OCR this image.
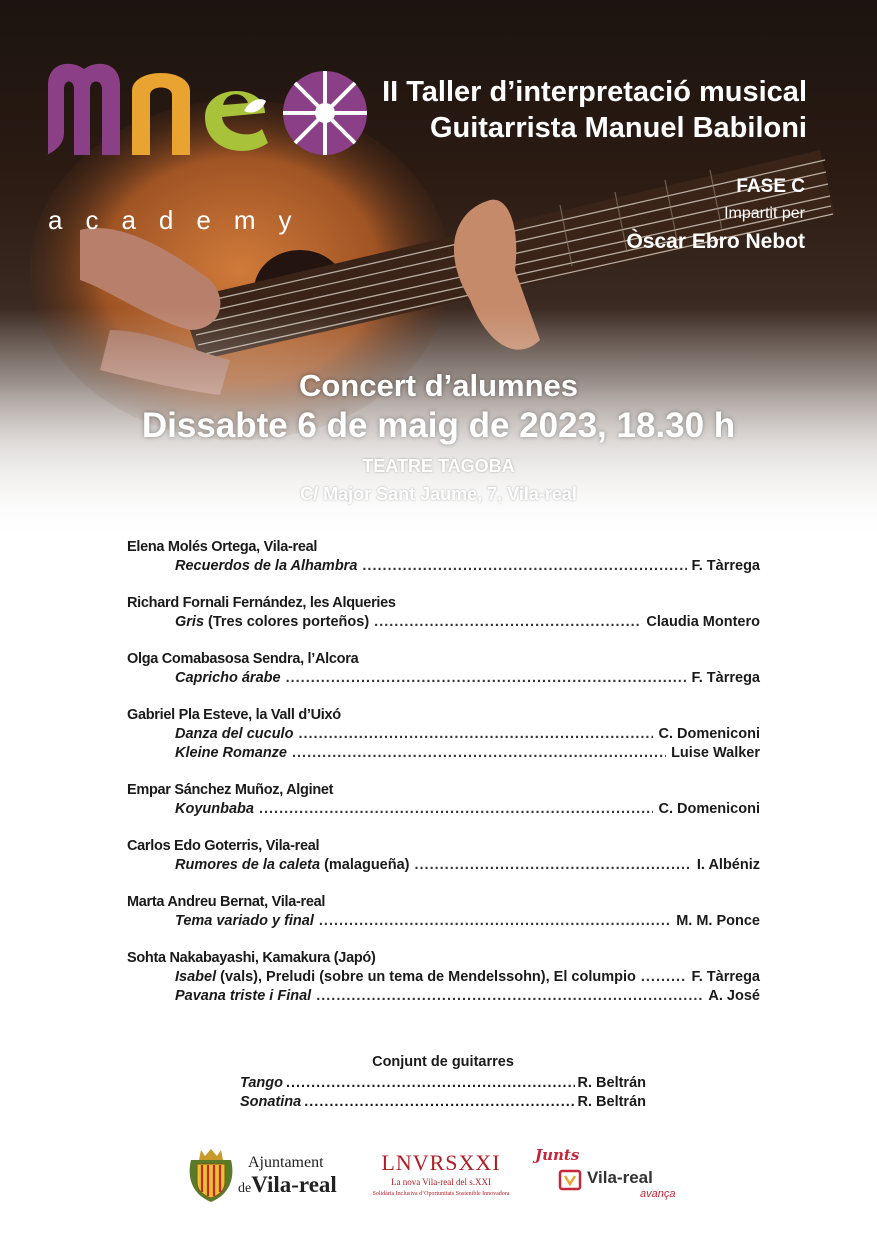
academy
II Taller d’interpretació musical
Guitarrista Manuel Babiloni
FASE C
Impartit per
Òscar Ebro Nebot
Concert d’alumnes
Dissabte 6 de maig de 2023, 18.30 h
TEATRE TAGOBA
C/ Major Sant Jaume, 7, Vila-real
Elena Molés Ortega, Vila-real
Recuerdos de la Alhambra .....	F. Tàrrega
Richard Fornali Fernández, les Alqueries
Gris (Tres colores porteños) .....	Claudia Montero
Olga Comabasosa Sendra, l’Alcora
Capricho árabe .....	F. Tàrrega
Gabriel Pla Esteve, la Vall d’Uixó
Danza del cuculo .....	C. Domeniconi
Kleine Romanze .....	Luise Walker
Empar Sánchez Muñoz, Alginet
Koyunbaba .....	C. Domeniconi
Carlos Edo Goterris, Vila-real
Rumores de la caleta (malagueña) .....	I. Albéniz
Marta Andreu Bernat, Vila-real
Tema variado y final .....	M. M. Ponce
Sohta Nakabayashi, Kamakura (Japó)
Isabel (vals), Preludi (sobre un tema de Mendelssohn), El columpio .....	F. Tàrrega
Pavana triste i Final .....	A. José
Conjunt de guitarres
Tango .....	R. Beltrán
Sonatina .....	R. Beltrán
Ajuntament
deVila-real
LNVRSXXI
La nova Vila-real del s.XXI
Solidària Inclusiva d’Oportunitats Sostenible Innovadora
Junts
Vila-real
avança
